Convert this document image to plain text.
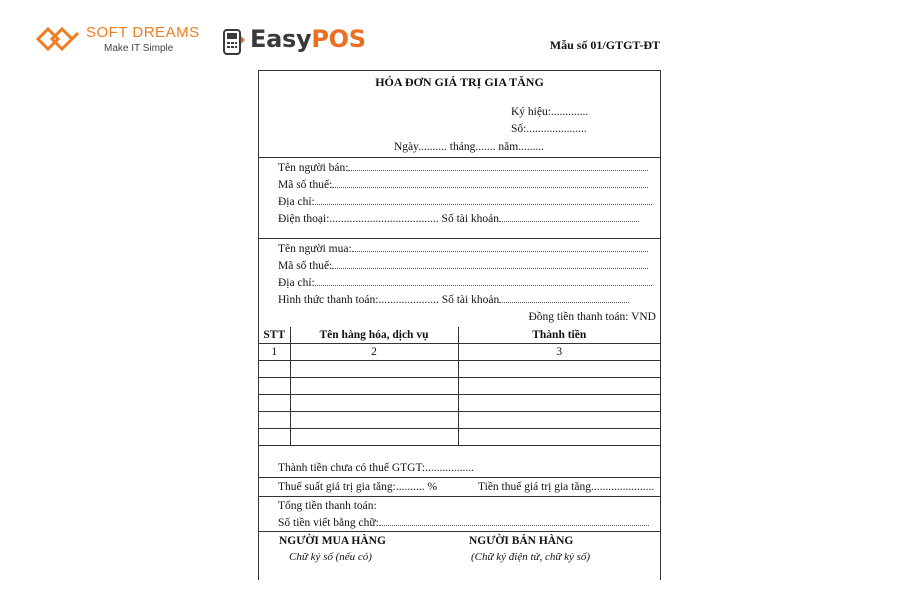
SOFT DREAMS
Make IT Simple	EasyPOS	Mẫu số 01/GTGT-ĐT
HÓA ĐƠN GIÁ TRỊ GIA TĂNG
Ký hiệu:.............
Số:.....................
Ngày.......... tháng....... năm.........
Tên người bán:
Mã số thuế:
Địa chỉ:
Điện thoại:...................................... Số tài khoản
Tên người mua:
Mã số thuế:
Địa chỉ:
Hình thức thanh toán:..................... Số tài khoản
Đồng tiền thanh toán: VND
STT	Tên hàng hóa, dịch vụ	Thành tiền
1	2	3

Thành tiền chưa có thuế GTGT:.................
Thuế suất giá trị gia tăng:.......... %	Tiền thuế giá trị gia tăng......................
Tổng tiền thanh toán:
Số tiền viết bằng chữ:
NGƯỜI MUA HÀNG
Chữ ký số (nếu có)
NGƯỜI BÁN HÀNG
(Chữ ký điện tử, chữ ký số)
